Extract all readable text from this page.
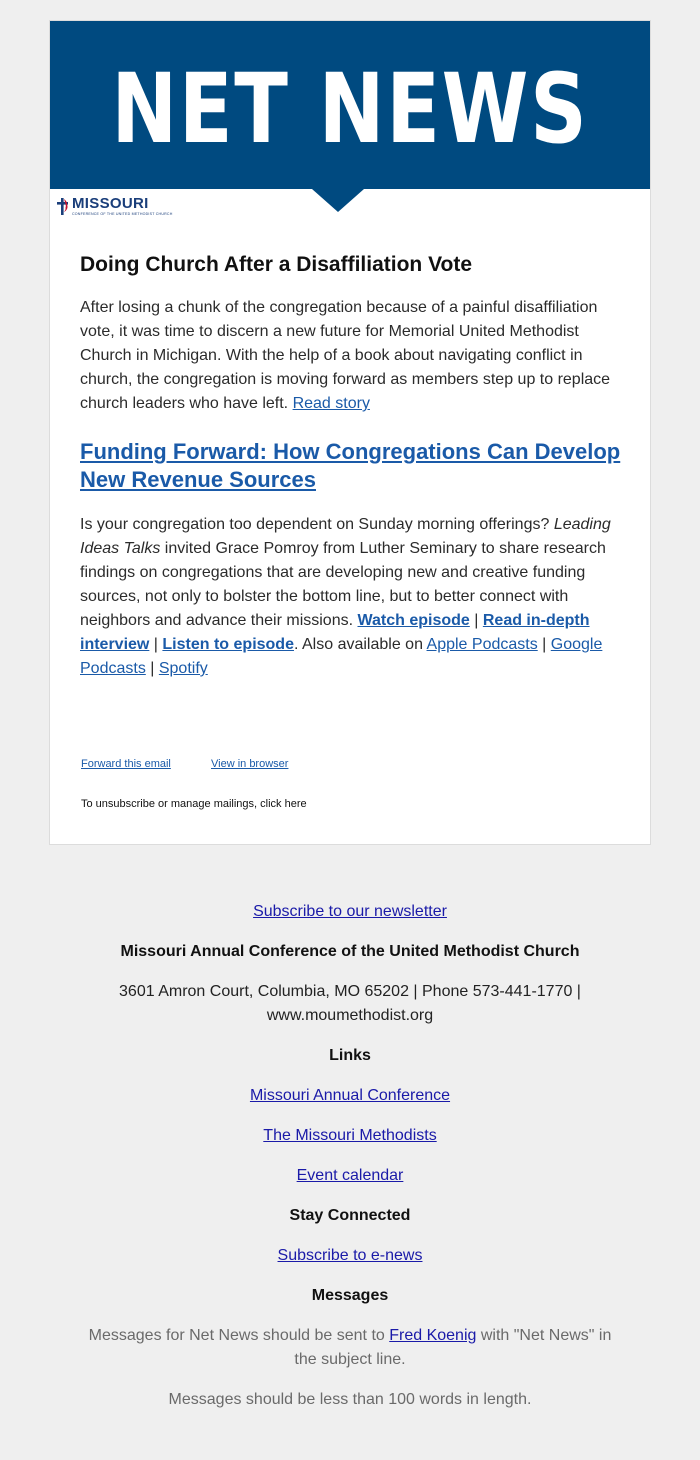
NET NEWS
MISSOURI
CONFERENCE OF THE UNITED METHODIST CHURCH
Doing Church After a Disaffiliation Vote

After losing a chunk of the congregation because of a painful disaffiliation vote, it was time to discern a new future for Memorial United Methodist Church in Michigan. With the help of a book about navigating conflict in church, the congregation is moving forward as members step up to replace church leaders who have left. Read story

Funding Forward: How Congregations Can Develop New Revenue Sources

Is your congregation too dependent on Sunday morning offerings? Leading Ideas Talks invited Grace Pomroy from Luther Seminary to share research findings on congregations that are developing new and creative funding sources, not only to bolster the bottom line, but to better connect with neighbors and advance their missions. Watch episode | Read in-depth interview | Listen to episode. Also available on Apple Podcasts | Google Podcasts | Spotify

Forward this email	View in browser
To unsubscribe or manage mailings, click here
Subscribe to our newsletter
Missouri Annual Conference of the United Methodist Church
3601 Amron Court, Columbia, MO 65202 | Phone 573-441-1770 | www.moumethodist.org
Links
Missouri Annual Conference
The Missouri Methodists
Event calendar
Stay Connected
Subscribe to e-news
Messages
Messages for Net News should be sent to Fred Koenig with "Net News" in the subject line.
Messages should be less than 100 words in length.
